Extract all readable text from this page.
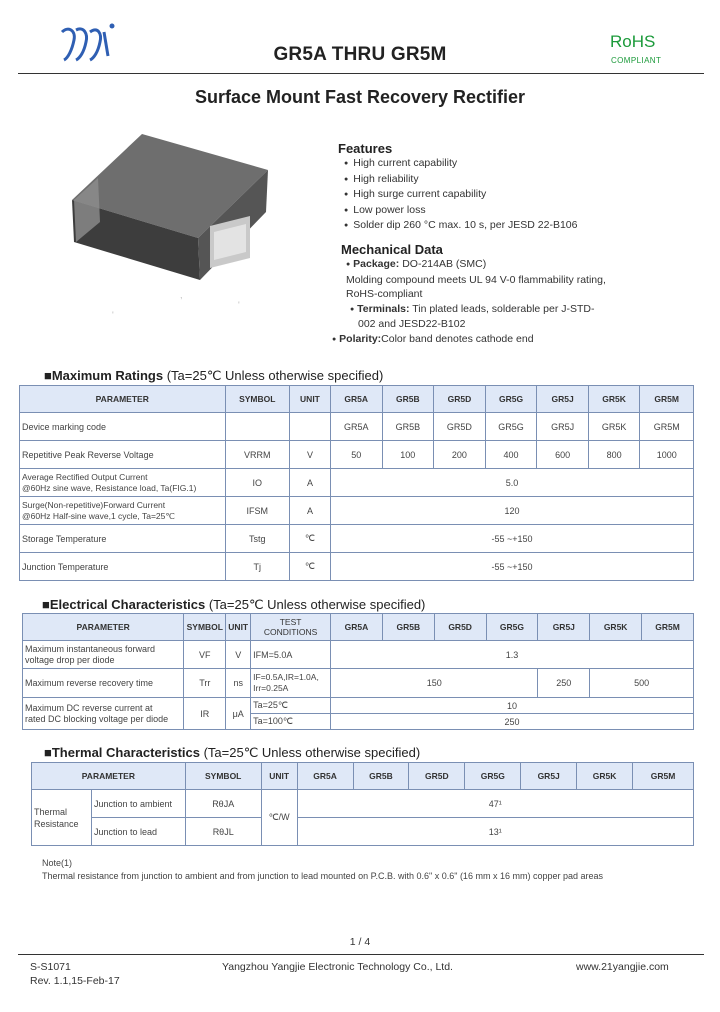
GR5A THRU GR5M
RoHS
COMPLIANT
Surface Mount Fast Recovery Rectifier
'
,
'
Features
● High current capability
● High reliability
● High surge current capability
● Low power loss
● Solder dip 260 °C max. 10 s, per JESD 22-B106
Mechanical Data
● Package: DO-214AB (SMC)
Molding compound meets UL 94 V-0 flammability rating,
RoHS-compliant
● Terminals: Tin plated leads, solderable per J-STD-
002 and JESD22-B102
● Polarity:Color band denotes cathode end
■Maximum Ratings (Ta=25℃ Unless otherwise specified)
PARAMETER	SYMBOL	UNIT	GR5A	GR5B	GR5D	GR5G	GR5J	GR5K	GR5M
Device marking code			GR5A	GR5B	GR5D	GR5G	GR5J	GR5K	GR5M
Repetitive Peak Reverse Voltage	VRRM	V	50	100	200	400	600	800	1000

Average Rectified Output Current
@60Hz sine wave, Resistance load, Ta(FIG.1)	IO	A	5.0						

Surge(Non-repetitive)Forward Current
@60Hz Half-sine wave,1 cycle, Ta=25℃	IFSM	A	120						
Storage Temperature	Tstg	℃	-55 ~+150						
Junction Temperature	Tj	℃	-55 ~+150						
■Electrical Characteristics (Ta=25℃ Unless otherwise specified)
PARAMETER	SYMBOL	UNIT	TEST CONDITIONS	GR5A	GR5B	GR5D	GR5G	GR5J	GR5K	GR5M

Maximum instantaneous forward
voltage drop per diode	VF	V	IFM=5.0A	1.3						
Maximum reverse recovery time	Trr	ns	IF=0.5A,IR=1.0A,
Irr=0.25A	150				250	500	

Maximum DC reverse current at
rated DC blocking voltage per diode	IR	μA	Ta=25℃	10						
			Ta=100℃	250						
■Thermal Characteristics (Ta=25℃ Unless otherwise specified)
PARAMETER		SYMBOL	UNIT	GR5A	GR5B	GR5D	GR5G	GR5J	GR5K	GR5M
Thermal Resistance	Junction to ambient	RθJA	℃/W	47¹						
	Junction to lead	RθJL		13¹						
Note(1)
Thermal resistance from junction to ambient and from junction to lead mounted on P.C.B. with 0.6" x 0.6" (16 mm x 16 mm) copper pad areas
1 / 4
S-S1071
Rev. 1.1,15-Feb-17
Yangzhou Yangjie Electronic Technology Co., Ltd.	www.21yangjie.com
